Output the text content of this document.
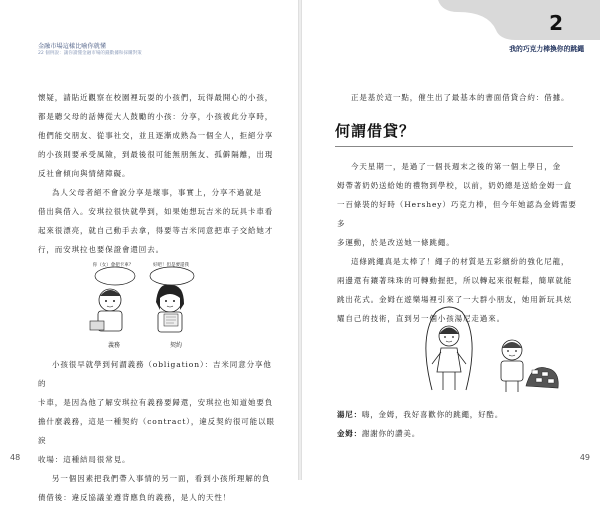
金融市場這樣比喻你就懂
22 個例說：讓你讀懂金融市場的錢數據和採購對策

懷疑，請貼近觀察在校園裡玩耍的小孩們，玩得最開心的小孩，

都是聽父母的話傳從大人鼓勵的小孩：分享，小孩被此分享時，

他們能交朋友、從事社交，並且逐漸成熟為一個全人，拒絕分享

的小孩則要承受風險，到最後很可能無朋無友、孤僻隔離，出現

反社會傾向與情緒障礙。

為人父母者絕不會說分享是壞事，事實上，分享不過就是

借出與借入。安琪拉很快就學到，如果她想玩吉米的玩具卡車看

起來很漂亮，就自己動手去拿，得要等吉米同意把車子交給她才

行，而安琪拉也要保證會還回去。

你（女）會把卡車？	好吧！但是要還我
義務	契約

小孩很早就學到何謂義務（obligation）：吉米同意分享他的

卡車，是因為他了解安琪拉有義務要歸還，安琪拉也知道她要負

擔什麼義務，這是一種契約（contract），違反契約很可能以眼淚

收場：這種結局很常見。

另一個因素把我們帶入事情的另一面，看到小孩所理解的負

債借後：違反協議並遵背應負的義務，是人的天性！

48
2
我的巧克力棒換你的跳繩
正是基於這一點，催生出了最基本的書面借貸合約：借據。
何謂借貸？

今天星期一，是過了一個長週末之後的第一個上學日，金

姆帶著奶奶送給她的禮物到學校，以前，奶奶總是送給金姆一盒

一百條裝的好時（Hershey）巧克力棒，但今年她認為金姆需要多

多運動，於是改送她一條跳繩。

這條跳繩真是太棒了！繩子的材質是五彩繽紛的強化尼龍，

兩邊還有鑲著珠珠的可轉動握把，所以轉起來很輕鬆，簡單就能

跳出花式。金姆在遊樂場裡引來了一大群小朋友，她用新玩具炫

耀自己的技術，直到另一個小孩湯尼走過來。

湯尼：嗨，金姆，我好喜歡你的跳繩，好酷。
金姆：謝謝你的讚美。
49
